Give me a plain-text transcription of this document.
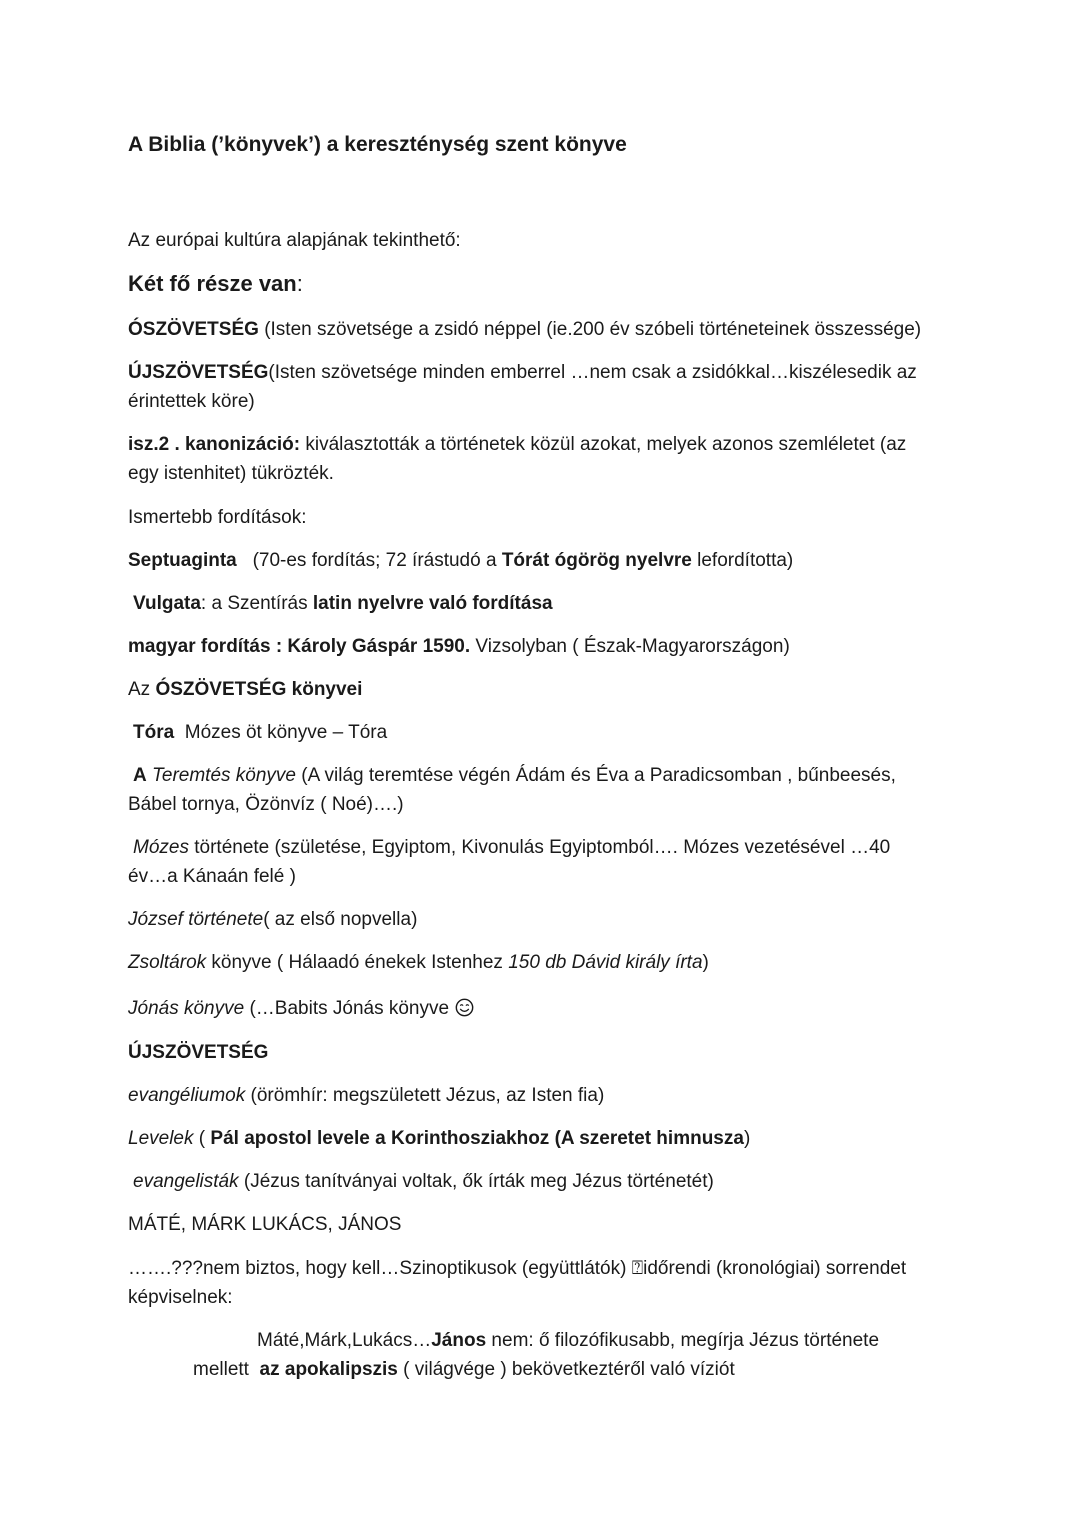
A Biblia (’könyvek’) a kereszténység szent könyve
Az európai kultúra alapjának tekinthető:
Két fő része van:
ÓSZÖVETSÉG (Isten szövetsége a zsidó néppel (ie.200 év szóbeli történeteinek összessége)
ÚJSZÖVETSÉG(Isten szövetsége minden emberrel …nem csak a zsidókkal…kiszélesedik az
érintettek köre)
isz.2 . kanonizáció: kiválasztották a történetek közül azokat, melyek azonos szemléletet (az
egy istenhitet) tükrözték.
Ismertebb fordítások:
Septuaginta   (70-es fordítás; 72 írástudó a Tórát ógörög nyelvre lefordította)
Vulgata: a Szentírás latin nyelvre való fordítása
magyar fordítás : Károly Gáspár 1590. Vizsolyban ( Észak-Magyarországon)
Az ÓSZÖVETSÉG könyvei
Tóra  Mózes öt könyve – Tóra
A Teremtés könyve (A világ teremtése végén Ádám és Éva a Paradicsomban , bűnbeesés,
Bábel tornya, Özönvíz ( Noé)….)
Mózes története (születése, Egyiptom, Kivonulás Egyiptomból…. Mózes vezetésével …40
év…a Kánaán felé )
József története( az első nopvella)
Zsoltárok könyve ( Hálaadó énekek Istenhez 150 db Dávid király írta)
Jónás könyve (…Babits Jónás könyve
ÚJSZÖVETSÉG
evangéliumok (örömhír: megszületett Jézus, az Isten fia)
Levelek ( Pál apostol levele a Korinthosziakhoz (A szeretet himnusza)
evangelisták (Jézus tanítványai voltak, ők írták meg Jézus történetét)
MÁTÉ, MÁRK LUKÁCS, JÁNOS
…….???nem biztos, hogy kell…Szinoptikusok (együttlátók) ⍰időrendi (kronológiai) sorrendet
képviselnek:
Máté,Márk,Lukács…János nem: ő filozófikusabb, megírja Jézus története
mellett  az apokalipszis ( világvége ) bekövetkeztéről való víziót
